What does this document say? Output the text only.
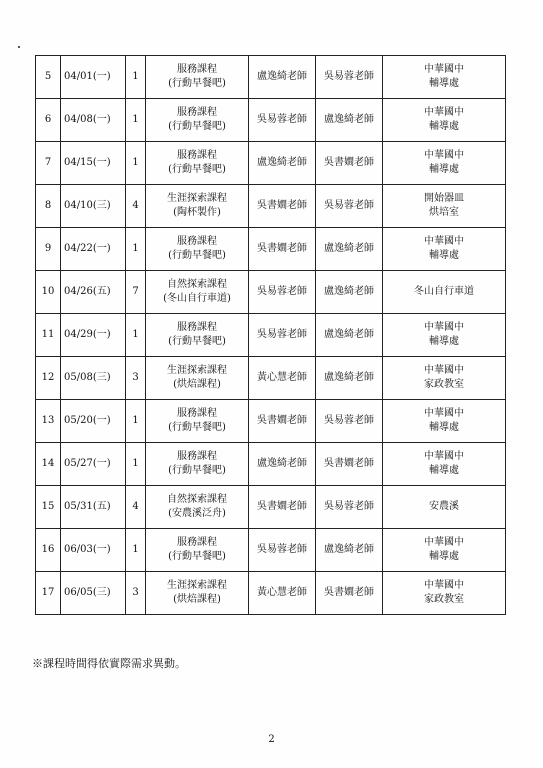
5	04/01(一)	1	服務課程
(行動早餐吧)	盧逸綺老師	吳易蓉老師	中華國中
輔導處

6	04/08(一)	1	服務課程
(行動早餐吧)	吳易蓉老師	盧逸綺老師	中華國中
輔導處

7	04/15(一)	1	服務課程
(行動早餐吧)	盧逸綺老師	吳書嫺老師	中華國中
輔導處

8	04/10(三)	4	生涯探索課程
(陶杯製作)	吳書嫺老師	吳易蓉老師	開始器皿
烘培室

9	04/22(一)	1	服務課程
(行動早餐吧)	吳書嫺老師	盧逸綺老師	中華國中
輔導處

10	04/26(五)	7	自然探索課程
(冬山自行車道)	吳易蓉老師	盧逸綺老師	冬山自行車道

11	04/29(一)	1	服務課程
(行動早餐吧)	吳易蓉老師	盧逸綺老師	中華國中
輔導處

12	05/08(三)	3	生涯探索課程
(烘焙課程)	黃心慧老師	盧逸綺老師	中華國中
家政教室

13	05/20(一)	1	服務課程
(行動早餐吧)	吳書嫺老師	吳易蓉老師	中華國中
輔導處

14	05/27(一)	1	服務課程
(行動早餐吧)	盧逸綺老師	吳書嫺老師	中華國中
輔導處

15	05/31(五)	4	自然探索課程
(安農溪泛舟)	吳書嫺老師	吳易蓉老師	安農溪

16	06/03(一)	1	服務課程
(行動早餐吧)	吳易蓉老師	盧逸綺老師	中華國中
輔導處

17	06/05(三)	3	生涯探索課程
(烘焙課程)	黃心慧老師	吳書嫺老師	中華國中
家政教室
※課程時間得依實際需求異動。
2
